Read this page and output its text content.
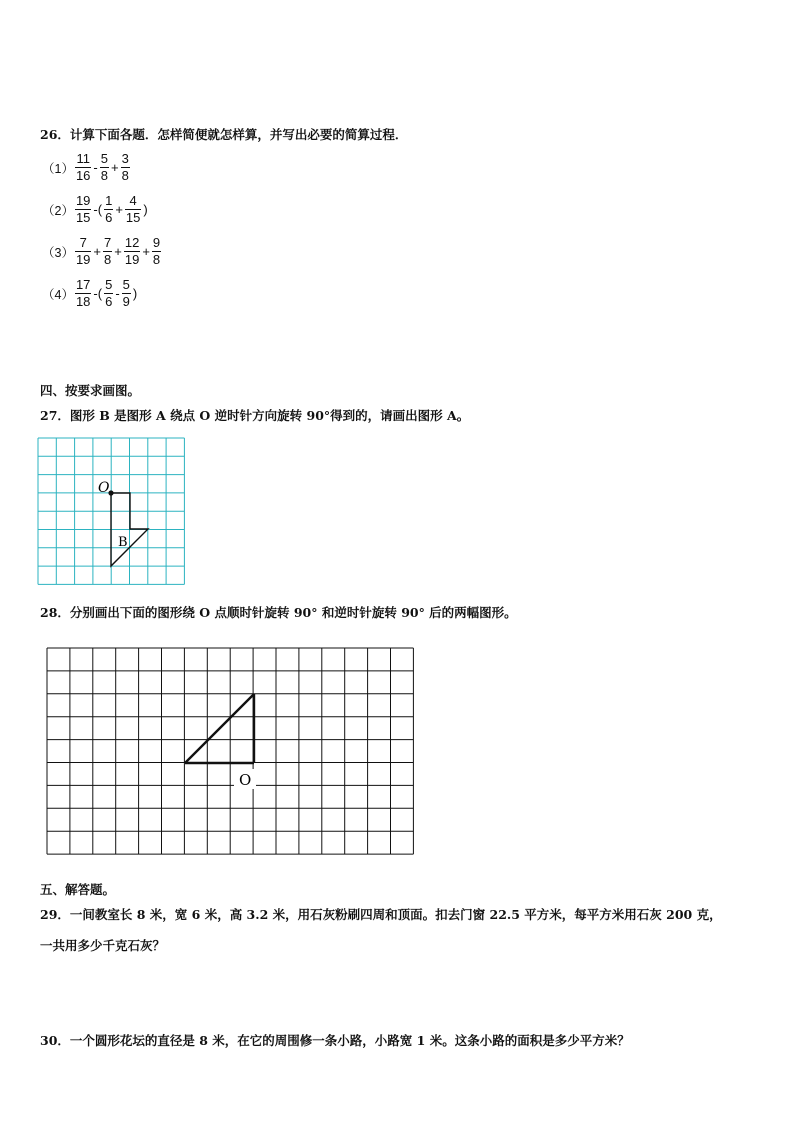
26．计算下面各题．怎样简便就怎样算，并写出必要的简算过程．
$(1) \frac{11}{16} - \frac{5}{8} + \frac{3}{8}$
$(2) \frac{19}{15}$ -( $\frac{1}{6} + \frac{4}{15}$ )
$(3) \frac{7}{19} + \frac{7}{8} + \frac{12}{19} + \frac{9}{8}$
$(4) \frac{17}{18}$ -( $\frac{5}{6} - \frac{5}{9}$ )
四、按要求画图。
27．图形 B 是图形 A 绕点 O 逆时针方向旋转 90°得到的，请画出图形 A。
O
B
28．分别画出下面的图形绕 O 点顺时针旋转 90° 和逆时针旋转 90° 后的两幅图形。
O
五、解答题。
29．一间教室长 8 米，宽 6 米，高 3.2 米，用石灰粉刷四周和顶面。扣去门窗 22.5 平方米，每平方米用石灰 200 克，
一共用多少千克石灰？
30．一个圆形花坛的直径是 8 米，在它的周围修一条小路，小路宽 1 米。这条小路的面积是多少平方米？
